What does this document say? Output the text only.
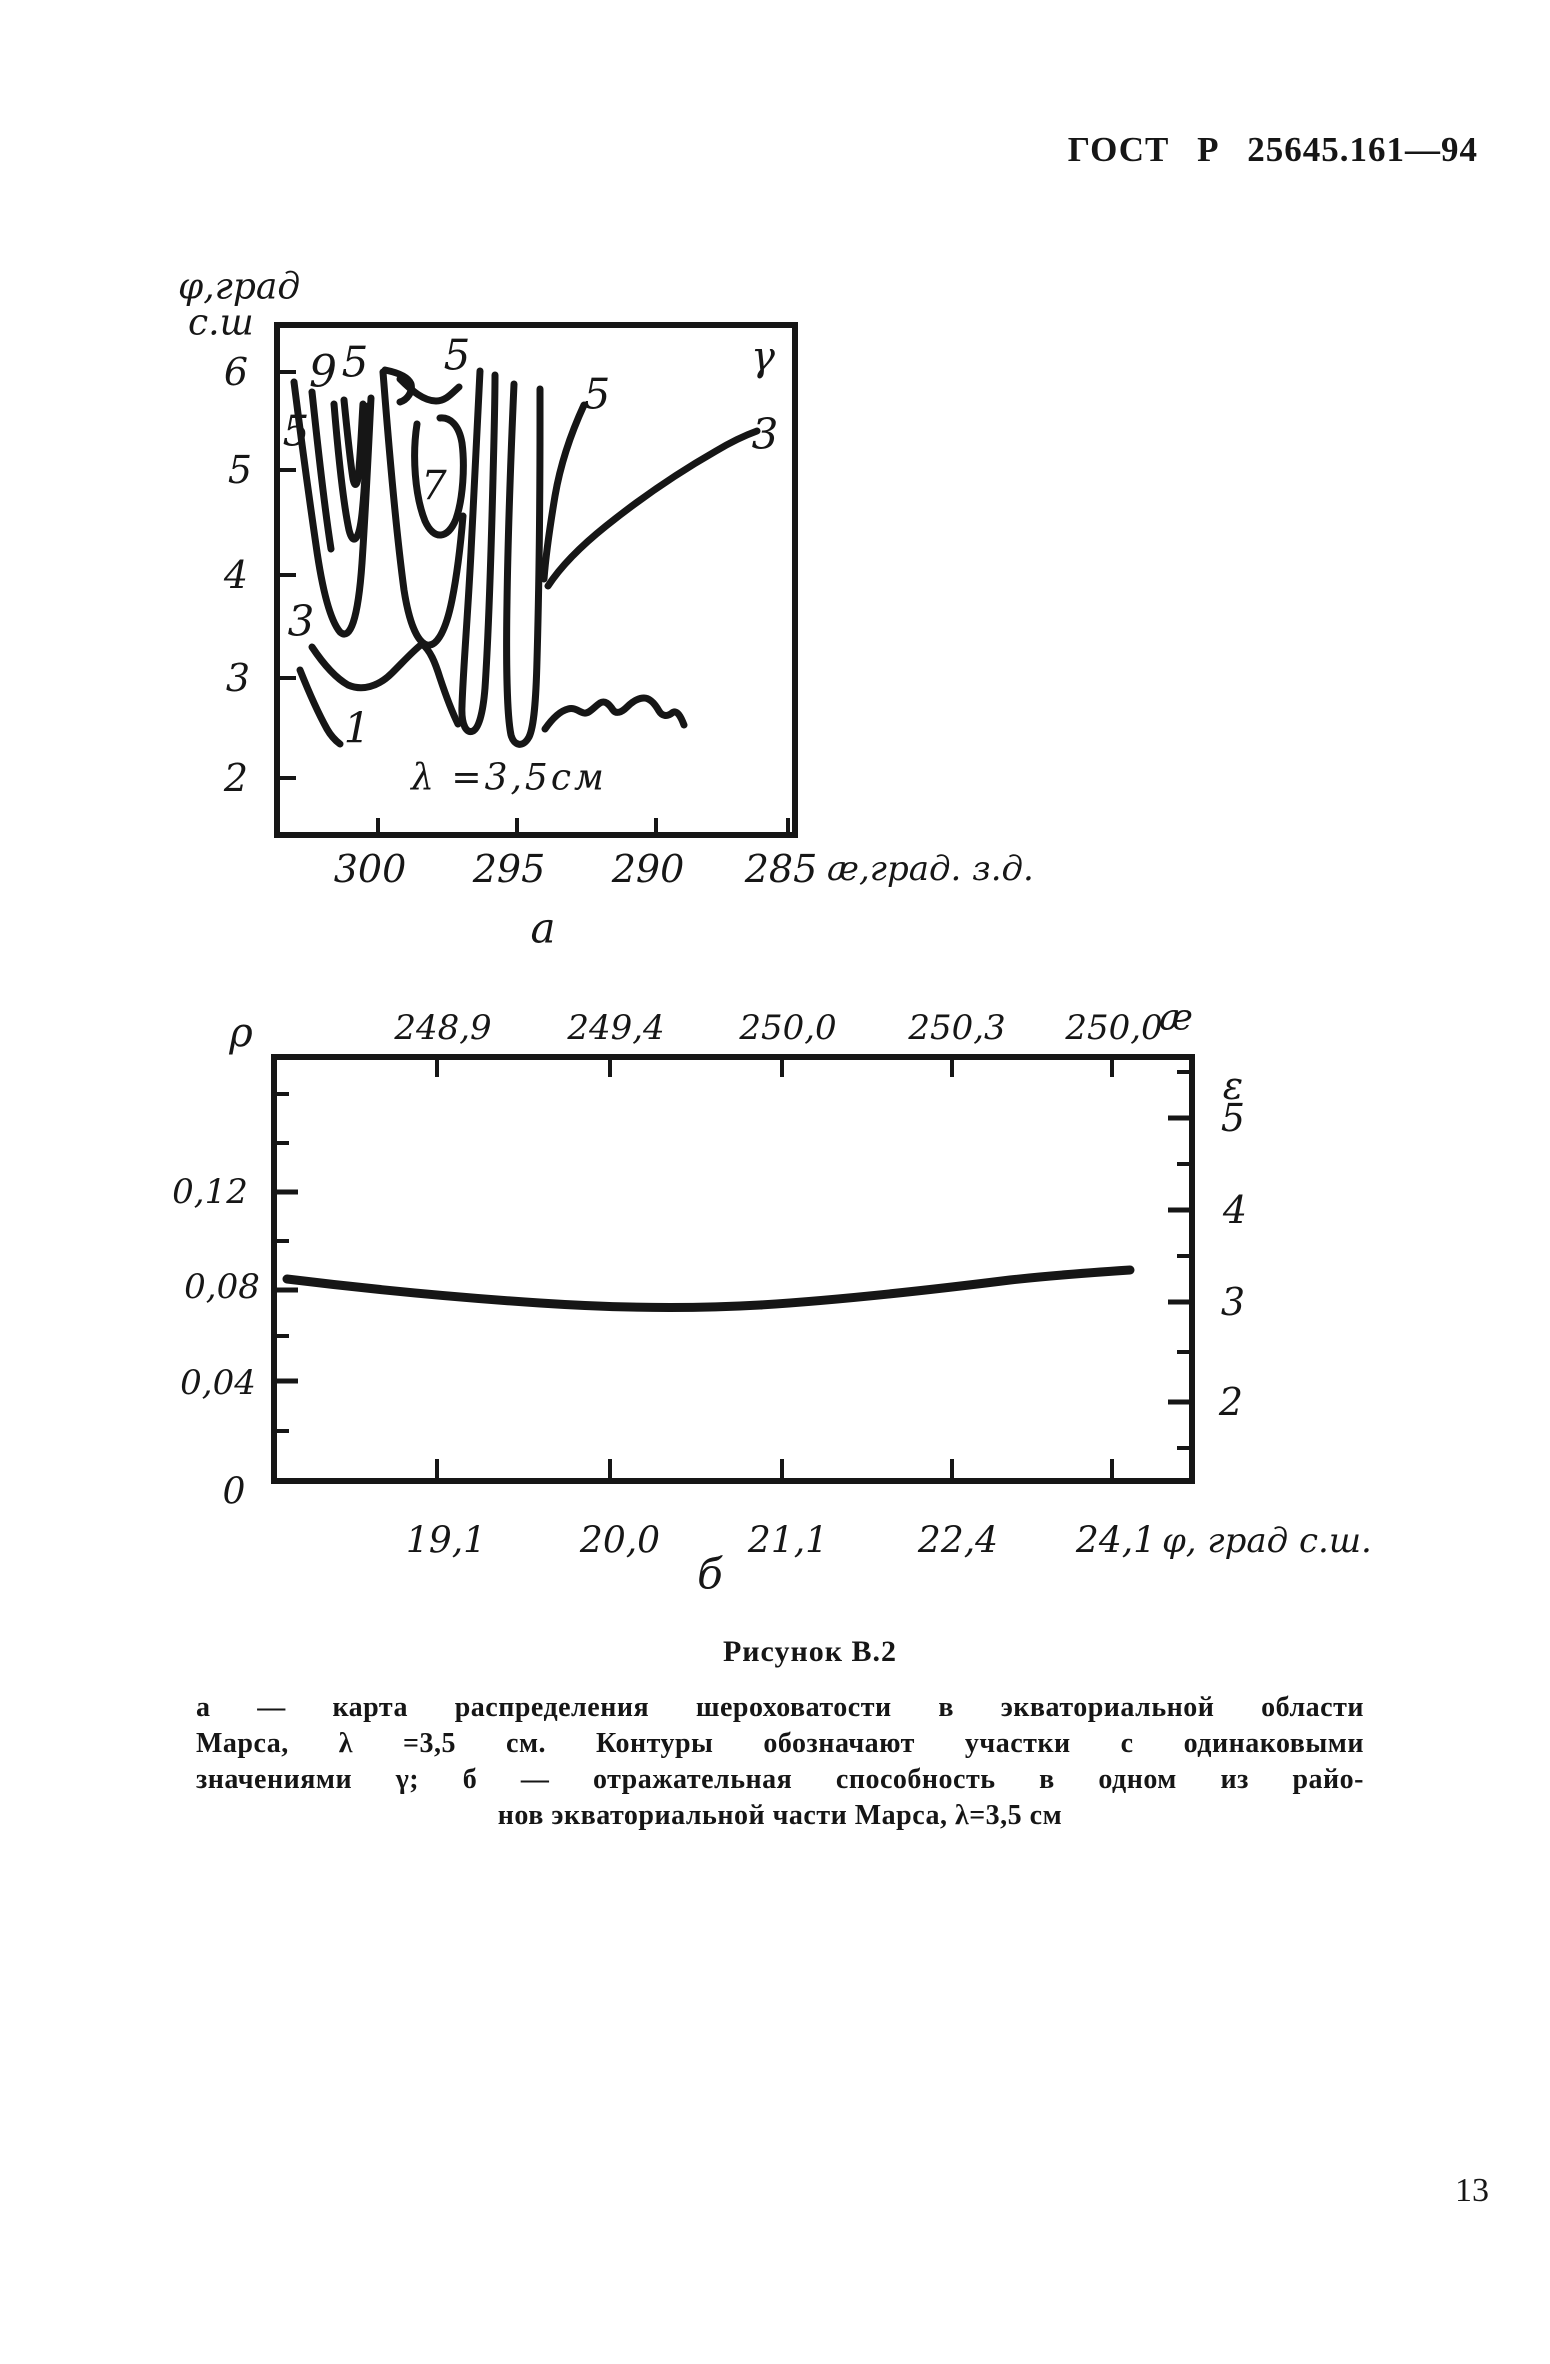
ГОСТ Р 25645.161—94
φ,град
с.ш
6
5
4
3
2
300 295 290 285 ӕ,град. з.д.
γ
9 5 5
5
5
7
3
3
1
λ =3,5см
а
ρ	248,9 249,4 250,0 250,3 250,0
ӕ
ε
5
4
3
2
0,12
0,08
0,04
0
19,1	20,0 21,1 22,4 24,1 φ, град с.ш.
б
Рисунок В.2
а — карта распределения шероховатости в экваториальной области
Марса, λ =3,5 см. Контуры обозначают участки с одинаковыми
значениями γ; б — отражательная способность в одном из райо-
нов экваториальной части Марса, λ=3,5 см
13
